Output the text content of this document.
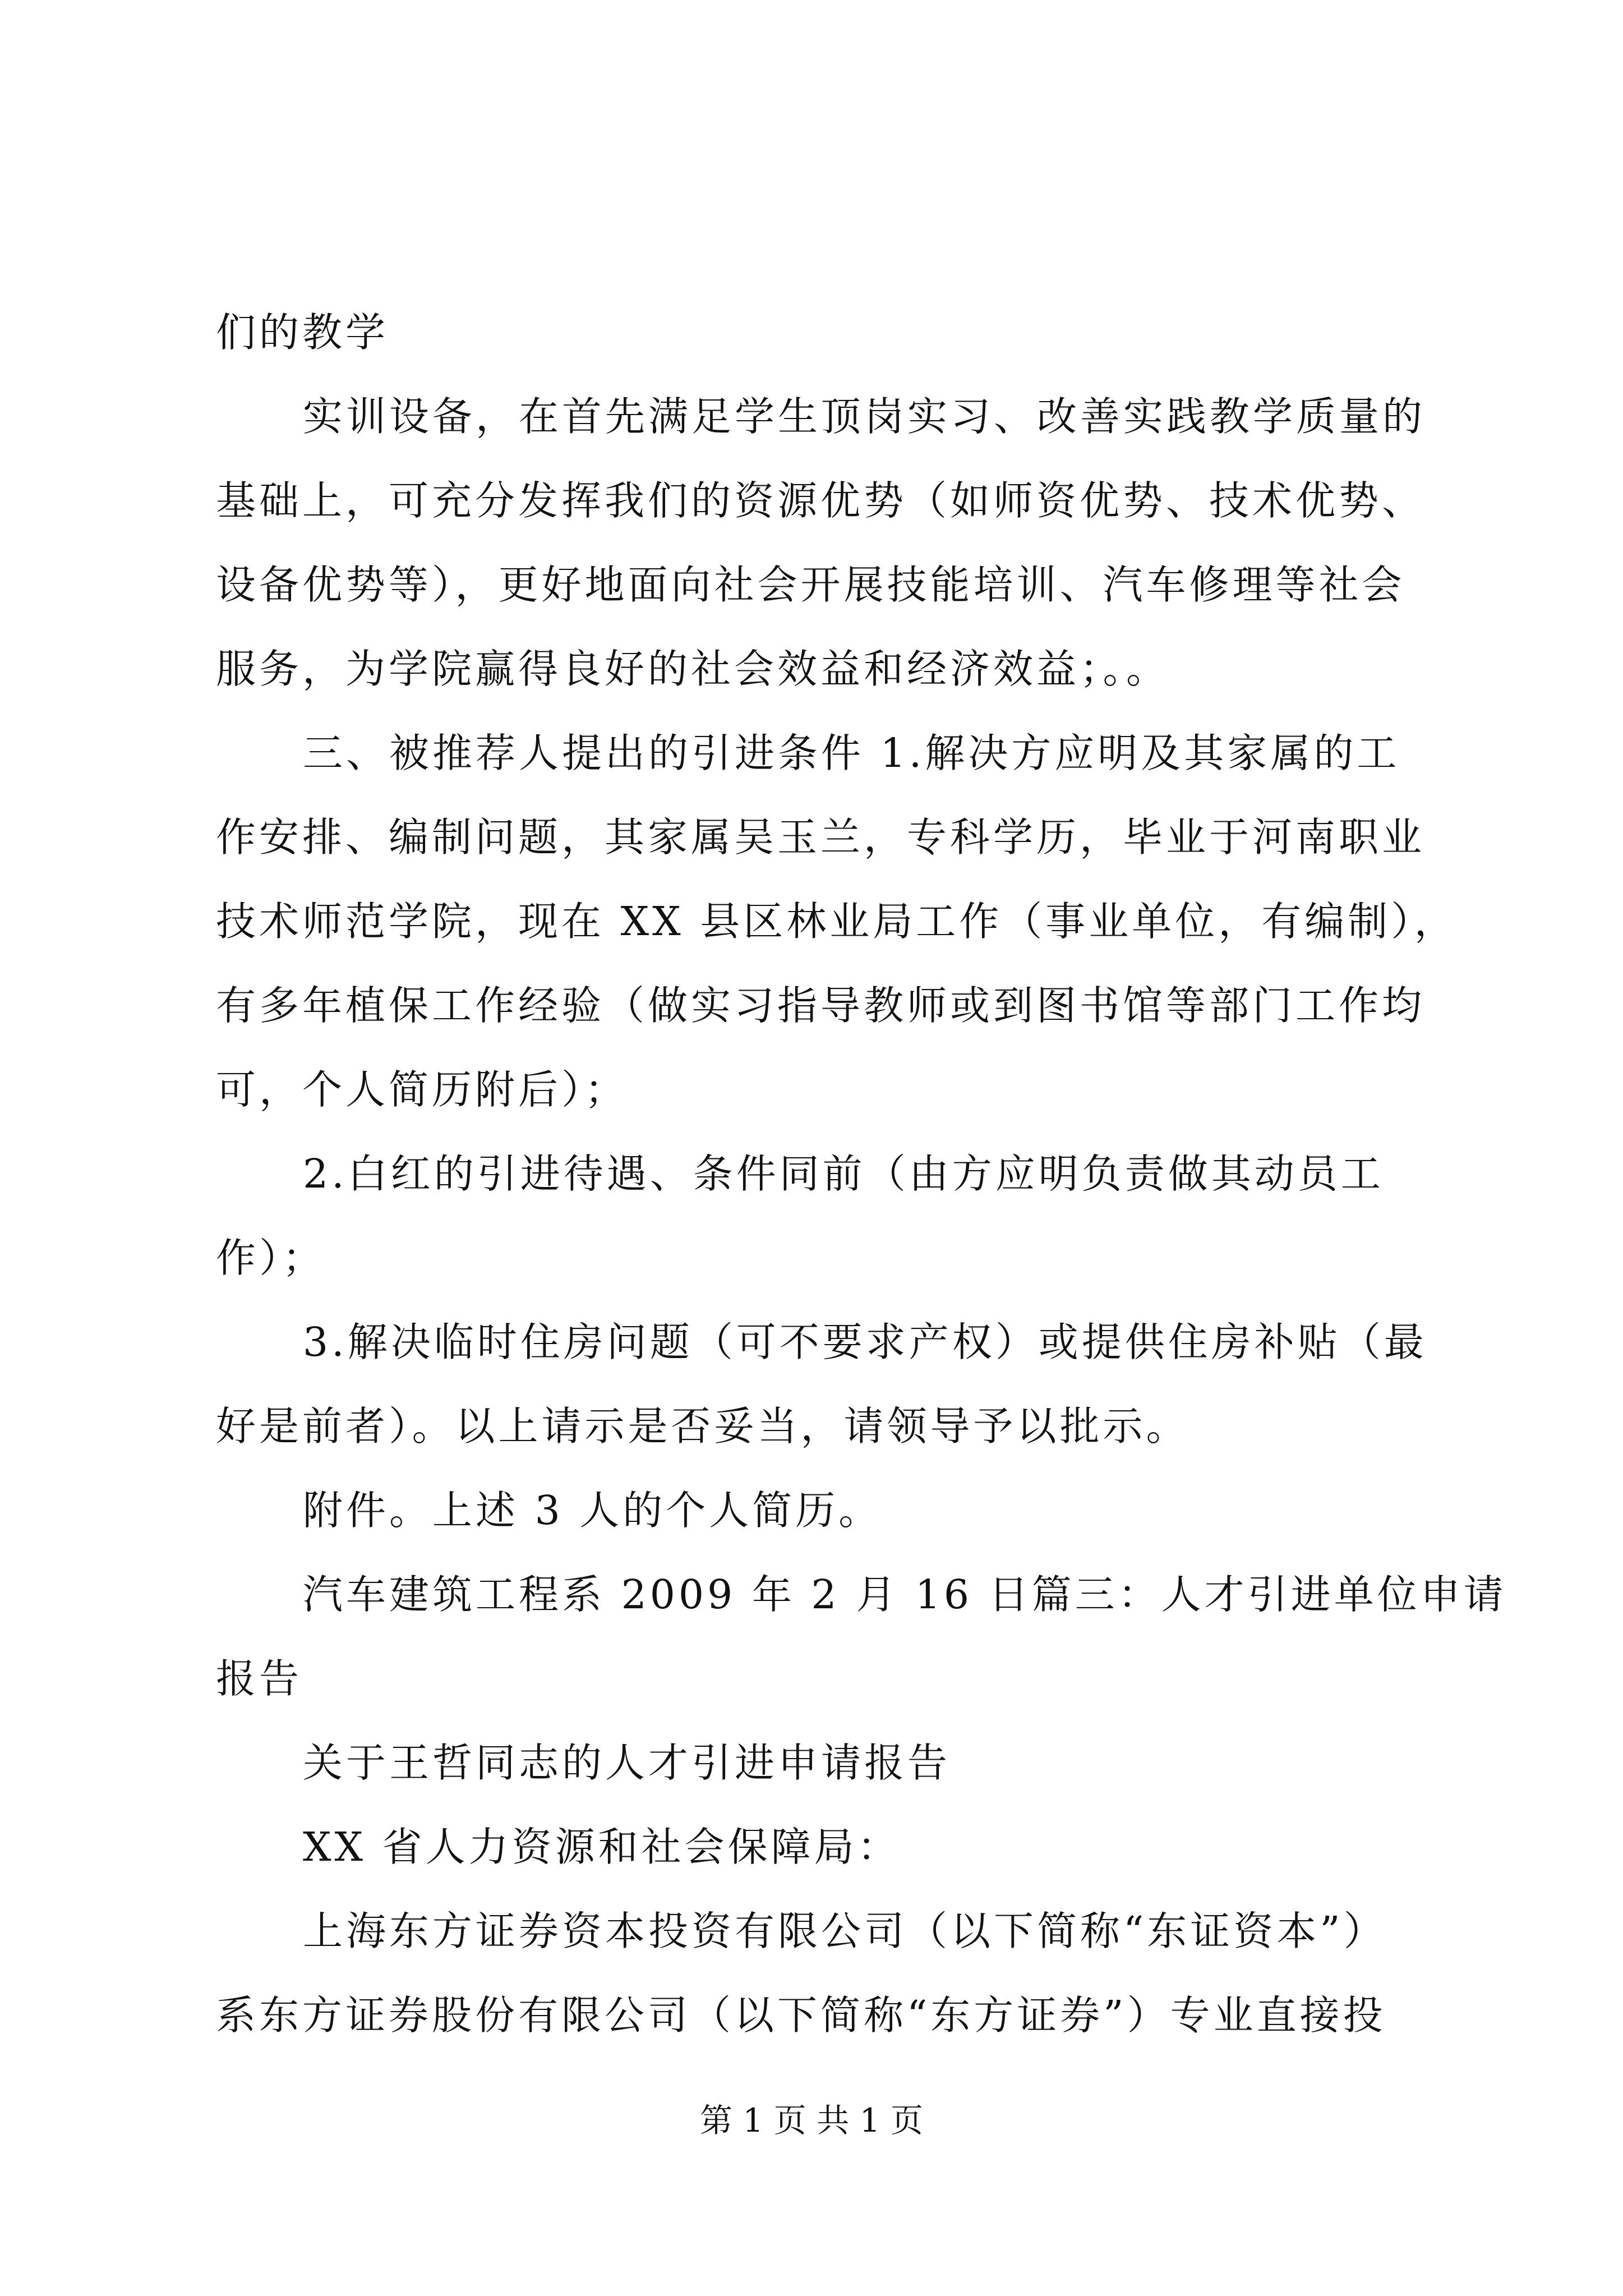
们的教学
实训设备，在首先满足学生顶岗实习、改善实践教学质量的
基础上，可充分发挥我们的资源优势（如师资优势、技术优势、
设备优势等），更好地面向社会开展技能培训、汽车修理等社会
服务，为学院赢得良好的社会效益和经济效益；。。
三、被推荐人提出的引进条件 1.解决方应明及其家属的工
作安排、编制问题，其家属吴玉兰，专科学历，毕业于河南职业
技术师范学院，现在 XX 县区林业局工作（事业单位，有编制），
有多年植保工作经验（做实习指导教师或到图书馆等部门工作均
可，个人简历附后）；
2.白红的引进待遇、条件同前（由方应明负责做其动员工
作）；
3.解决临时住房问题（可不要求产权）或提供住房补贴（最
好是前者）。以上请示是否妥当，请领导予以批示。
附件。上述 3 人的个人简历。
汽车建筑工程系 2009 年 2 月 16 日篇三：人才引进单位申请
报告
关于王哲同志的人才引进申请报告
XX 省人力资源和社会保障局：
上海东方证券资本投资有限公司（以下简称“东证资本”）
系东方证券股份有限公司（以下简称“东方证券”）专业直接投
第 1 页 共 1 页
